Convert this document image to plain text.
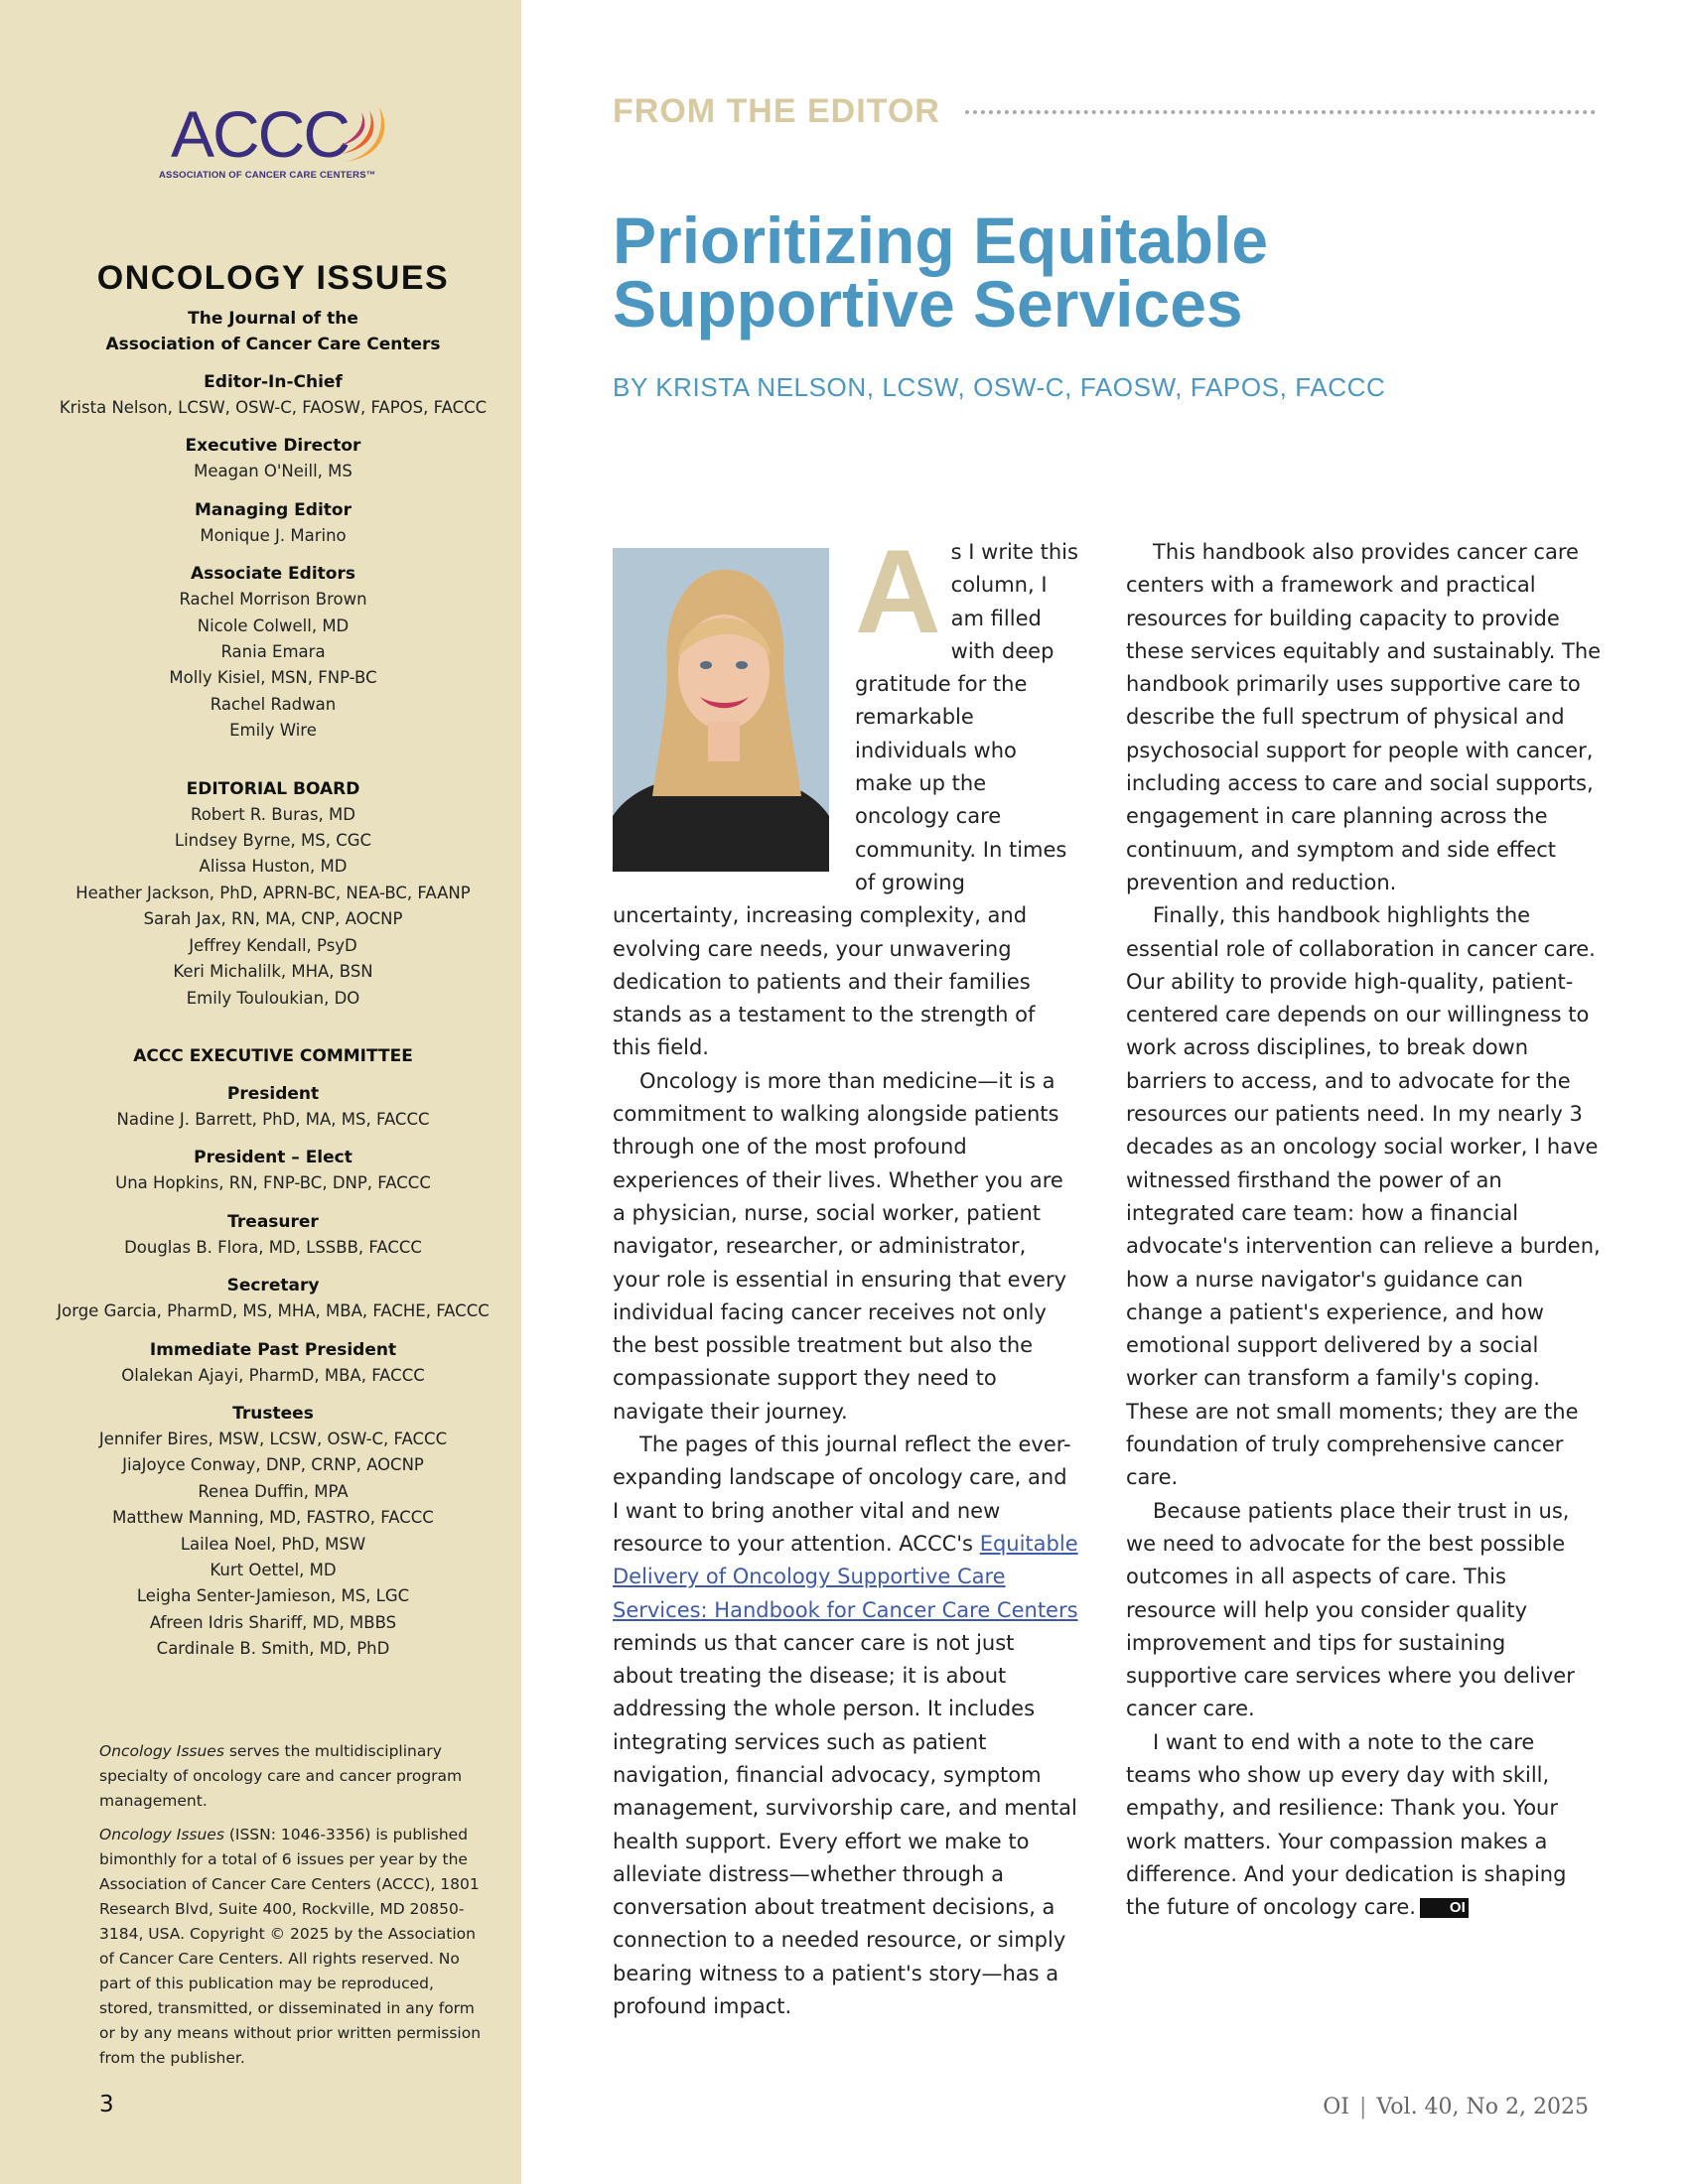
ACCC
ASSOCIATION OF CANCER CARE CENTERS™
ONCOLOGY ISSUES
The Journal of the
Association of Cancer Care Centers
Editor-In-Chief
Krista Nelson, LCSW, OSW-C, FAOSW, FAPOS, FACCC
Executive Director
Meagan O'Neill, MS
Managing Editor
Monique J. Marino
Associate Editors
Rachel Morrison Brown
Nicole Colwell, MD
Rania Emara
Molly Kisiel, MSN, FNP-BC
Rachel Radwan
Emily Wire
EDITORIAL BOARD
Robert R. Buras, MD
Lindsey Byrne, MS, CGC
Alissa Huston, MD
Heather Jackson, PhD, APRN-BC, NEA-BC, FAANP
Sarah Jax, RN, MA, CNP, AOCNP
Jeffrey Kendall, PsyD
Keri Michalilk, MHA, BSN
Emily Touloukian, DO
ACCC EXECUTIVE COMMITTEE
President
Nadine J. Barrett, PhD, MA, MS, FACCC
President – Elect
Una Hopkins, RN, FNP-BC, DNP, FACCC
Treasurer
Douglas B. Flora, MD, LSSBB, FACCC
Secretary
Jorge Garcia, PharmD, MS, MHA, MBA, FACHE, FACCC
Immediate Past President
Olalekan Ajayi, PharmD, MBA, FACCC
Trustees
Jennifer Bires, MSW, LCSW, OSW-C, FACCC
JiaJoyce Conway, DNP, CRNP, AOCNP
Renea Duffin, MPA
Matthew Manning, MD, FASTRO, FACCC
Lailea Noel, PhD, MSW
Kurt Oettel, MD
Leigha Senter-Jamieson, MS, LGC
Afreen Idris Shariff, MD, MBBS
Cardinale B. Smith, MD, PhD

Oncology Issues serves the multidisciplinary specialty of oncology care and cancer program management.

Oncology Issues (ISSN: 1046-3356) is published bimonthly for a total of 6 issues per year by the Association of Cancer Care Centers (ACCC), 1801 Research Blvd, Suite 400, Rockville, MD 20850- 3184, USA. Copyright © 2025 by the Association of Cancer Care Centers. All rights reserved. No part of this publication may be reproduced, stored, transmitted, or disseminated in any form or by any means without prior written permission from the publisher.

3
FROM THE EDITOR
Prioritizing Equitable
Supportive Services

BY KRISTA NELSON, LCSW, OSW-C, FAOSW, FAPOS, FACCC

As I write this column, I am filled with deep gratitude for the remarkable individuals who make up the oncology care community. In times of growing uncertainty, increasing complexity, and evolving care needs, your unwavering dedication to patients and their families stands as a testament to the strength of this field.

Oncology is more than medicine—it is a commitment to walking alongside patients through one of the most profound experiences of their lives. Whether you are a physician, nurse, social worker, patient navigator, researcher, or administrator, your role is essential in ensuring that every individual facing cancer receives not only the best possible treatment but also the compassionate support they need to navigate their journey.

The pages of this journal reflect the ever-expanding landscape of oncology care, and I want to bring another vital and new resource to your attention. ACCC's Equitable Delivery of Oncology Supportive Care Services: Handbook for Cancer Care Centers reminds us that cancer care is not just about treating the disease; it is about addressing the whole person. It includes integrating services such as patient navigation, financial advocacy, symptom management, survivorship care, and mental health support. Every effort we make to alleviate distress—whether through a conversation about treatment decisions, a connection to a needed resource, or simply bearing witness to a patient's story—has a profound impact.

This handbook also provides cancer care centers with a framework and practical resources for building capacity to provide these services equitably and sustainably. The handbook primarily uses supportive care to describe the full spectrum of physical and psychosocial support for people with cancer, including access to care and social supports, engagement in care planning across the continuum, and symptom and side effect prevention and reduction.

Finally, this handbook highlights the essential role of collaboration in cancer care. Our ability to provide high-quality, patient-centered care depends on our willingness to work across disciplines, to break down barriers to access, and to advocate for the resources our patients need. In my nearly 3 decades as an oncology social worker, I have witnessed firsthand the power of an integrated care team: how a financial advocate's intervention can relieve a burden, how a nurse navigator's guidance can change a patient's experience, and how emotional support delivered by a social worker can transform a family's coping. These are not small moments; they are the foundation of truly comprehensive cancer care.

Because patients place their trust in us, we need to advocate for the best possible outcomes in all aspects of care. This resource will help you consider quality improvement and tips for sustaining supportive care services where you deliver cancer care.

I want to end with a note to the care teams who show up every day with skill, empathy, and resilience: Thank you. Your work matters. Your compassion makes a difference. And your dedication is shaping the future of oncology care. OI

OI | Vol. 40, No 2, 2025
